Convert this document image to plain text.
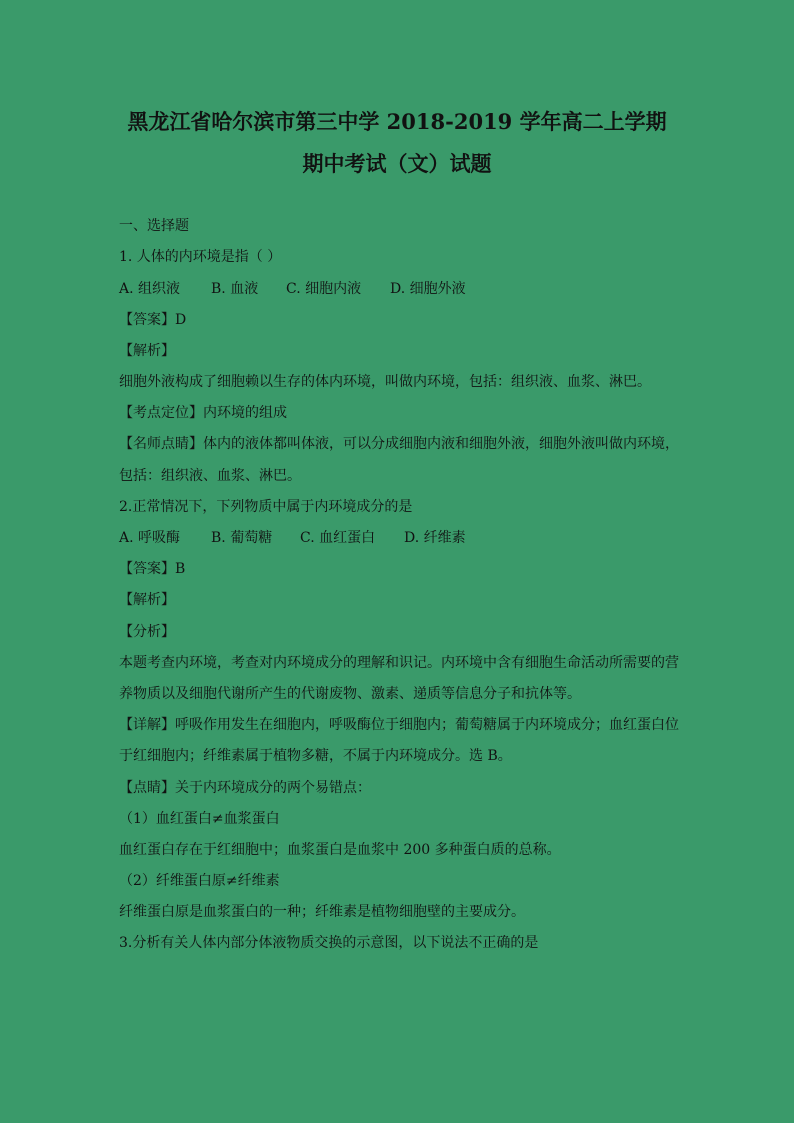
黑龙江省哈尔滨市第三中学 2018-2019 学年高二上学期
期中考试（文）试题
一、选择题
1. 人体的内环境是指（ ）
A. 组织液 B. 血液 C. 细胞内液 D. 细胞外液
【答案】D
【解析】
细胞外液构成了细胞赖以生存的体内环境，叫做内环境，包括：组织液、血浆、淋巴。
【考点定位】内环境的组成
【名师点睛】体内的液体都叫体液，可以分成细胞内液和细胞外液，细胞外液叫做内环境，
包括：组织液、血浆、淋巴。
2.正常情况下，下列物质中属于内环境成分的是
A. 呼吸酶 B. 葡萄糖 C. 血红蛋白 D. 纤维素
【答案】B
【解析】
【分析】
本题考查内环境，考查对内环境成分的理解和识记。内环境中含有细胞生命活动所需要的营
养物质以及细胞代谢所产生的代谢废物、激素、递质等信息分子和抗体等。
【详解】呼吸作用发生在细胞内，呼吸酶位于细胞内；葡萄糖属于内环境成分；血红蛋白位
于红细胞内；纤维素属于植物多糖，不属于内环境成分。选 B。
【点睛】关于内环境成分的两个易错点：
（1）血红蛋白≠血浆蛋白
血红蛋白存在于红细胞中；血浆蛋白是血浆中 200 多种蛋白质的总称。
（2）纤维蛋白原≠纤维素
纤维蛋白原是血浆蛋白的一种；纤维素是植物细胞壁的主要成分。
3.分析有关人体内部分体液物质交换的示意图，以下说法不正确的是
